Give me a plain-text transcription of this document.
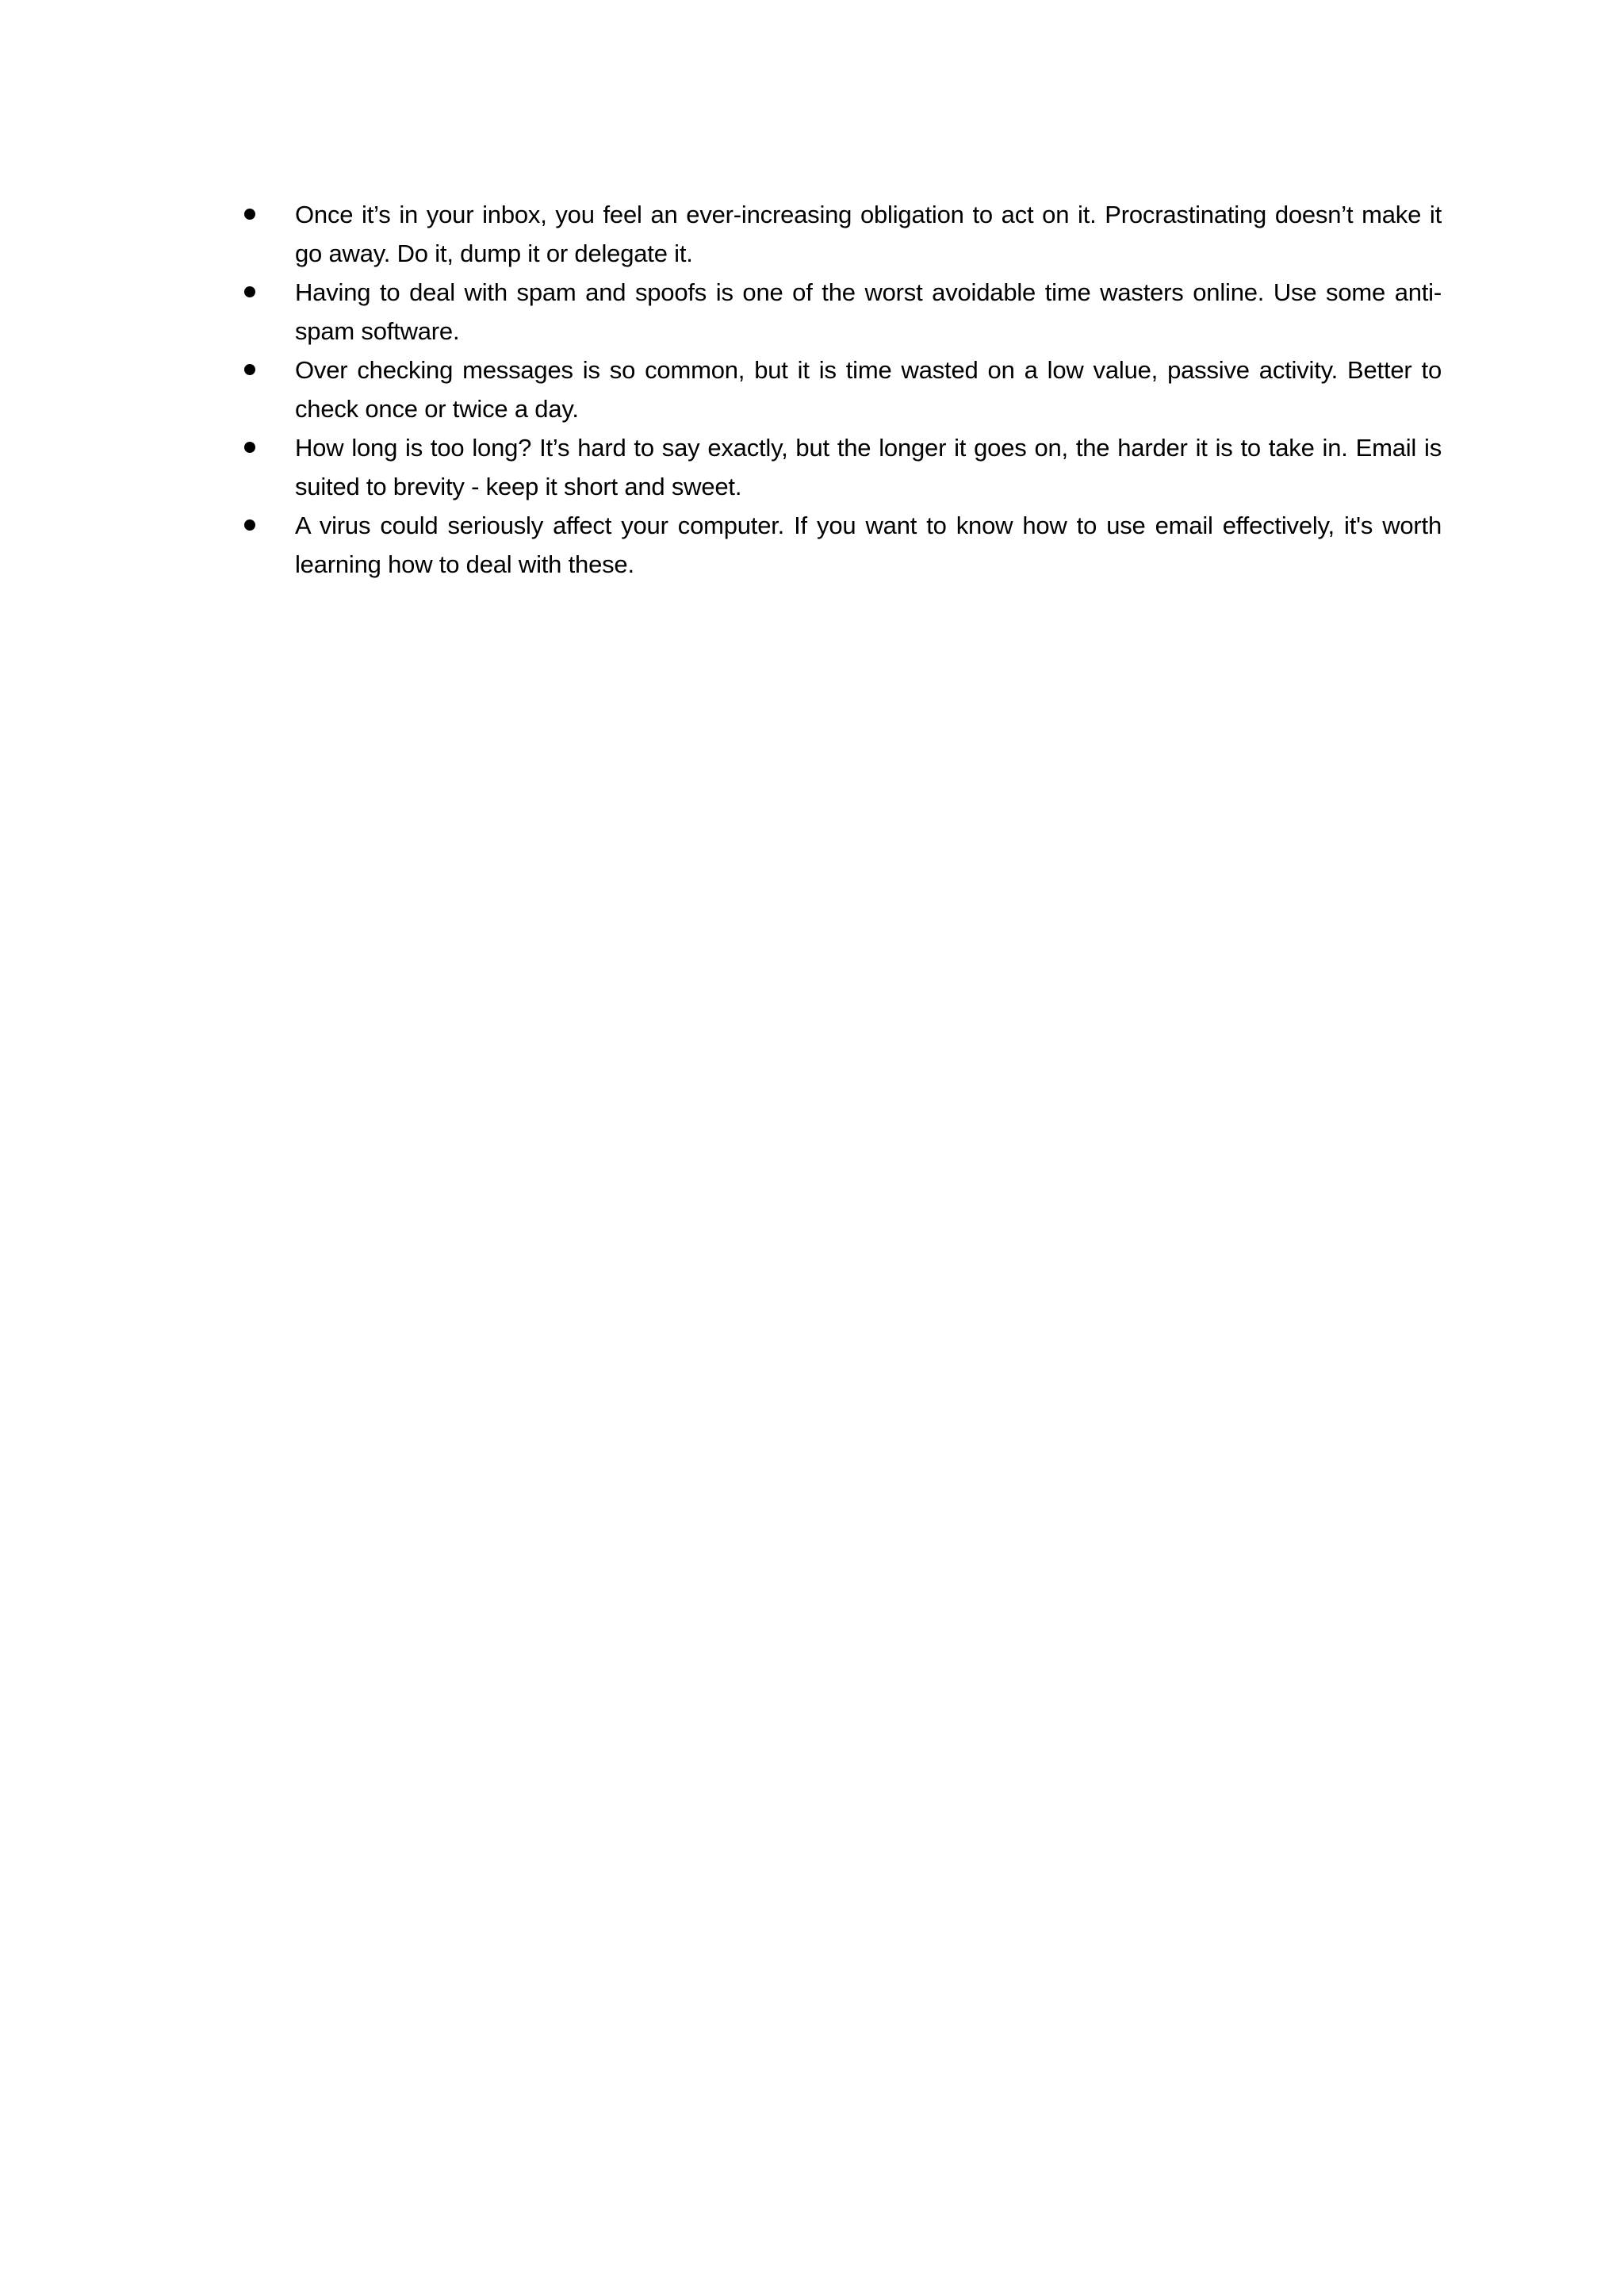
Once it’s in your inbox, you feel an ever-increasing obligation to act on it. Procrastinating doesn’t make it go away. Do it, dump it or delegate it.
Having to deal with spam and spoofs is one of the worst avoidable time wasters online. Use some anti-spam software.
Over checking messages is so common, but it is time wasted on a low value, passive activity. Better to check once or twice a day.
How long is too long? It’s hard to say exactly, but the longer it goes on, the harder it is to take in. Email is suited to brevity - keep it short and sweet.
A virus could seriously affect your computer. If you want to know how to use email effectively, it's worth learning how to deal with these.
